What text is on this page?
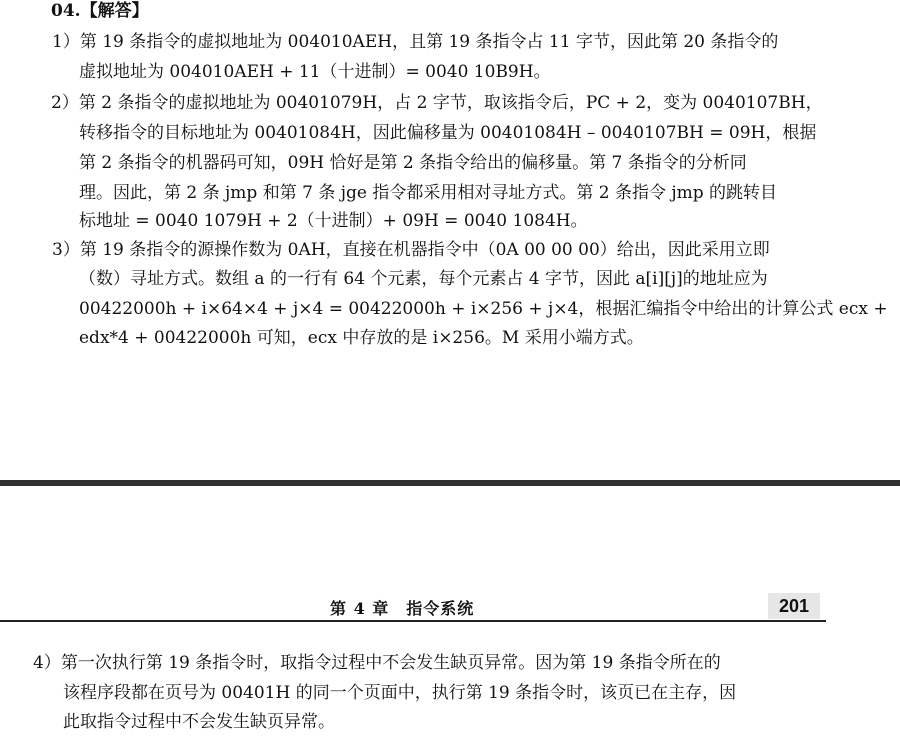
04.【解答】
1）第 19 条指令的虚拟地址为 004010AEH，且第 19 条指令占 11 字节，因此第 20 条指令的
虚拟地址为 004010AEH + 11（十进制）= 0040 10B9H。
2）第 2 条指令的虚拟地址为 00401079H，占 2 字节，取该指令后，PC + 2，变为 0040107BH，
转移指令的目标地址为 00401084H，因此偏移量为 00401084H – 0040107BH = 09H，根据
第 2 条指令的机器码可知，09H 恰好是第 2 条指令给出的偏移量。第 7 条指令的分析同
理。因此，第 2 条 jmp 和第 7 条 jge 指令都采用相对寻址方式。第 2 条指令 jmp 的跳转目
标地址 = 0040 1079H + 2（十进制）+ 09H = 0040 1084H。
3）第 19 条指令的源操作数为 0AH，直接在机器指令中（0A 00 00 00）给出，因此采用立即
（数）寻址方式。数组 a 的一行有 64 个元素，每个元素占 4 字节，因此 a[i][j]的地址应为
00422000h + i×64×4 + j×4 = 00422000h + i×256 + j×4，根据汇编指令中给出的计算公式 ecx +
edx*4 + 00422000h 可知，ecx 中存放的是 i×256。M 采用小端方式。
第 4 章　指令系统	201
4）第一次执行第 19 条指令时，取指令过程中不会发生缺页异常。因为第 19 条指令所在的
该程序段都在页号为 00401H 的同一个页面中，执行第 19 条指令时，该页已在主存，因
此取指令过程中不会发生缺页异常。
